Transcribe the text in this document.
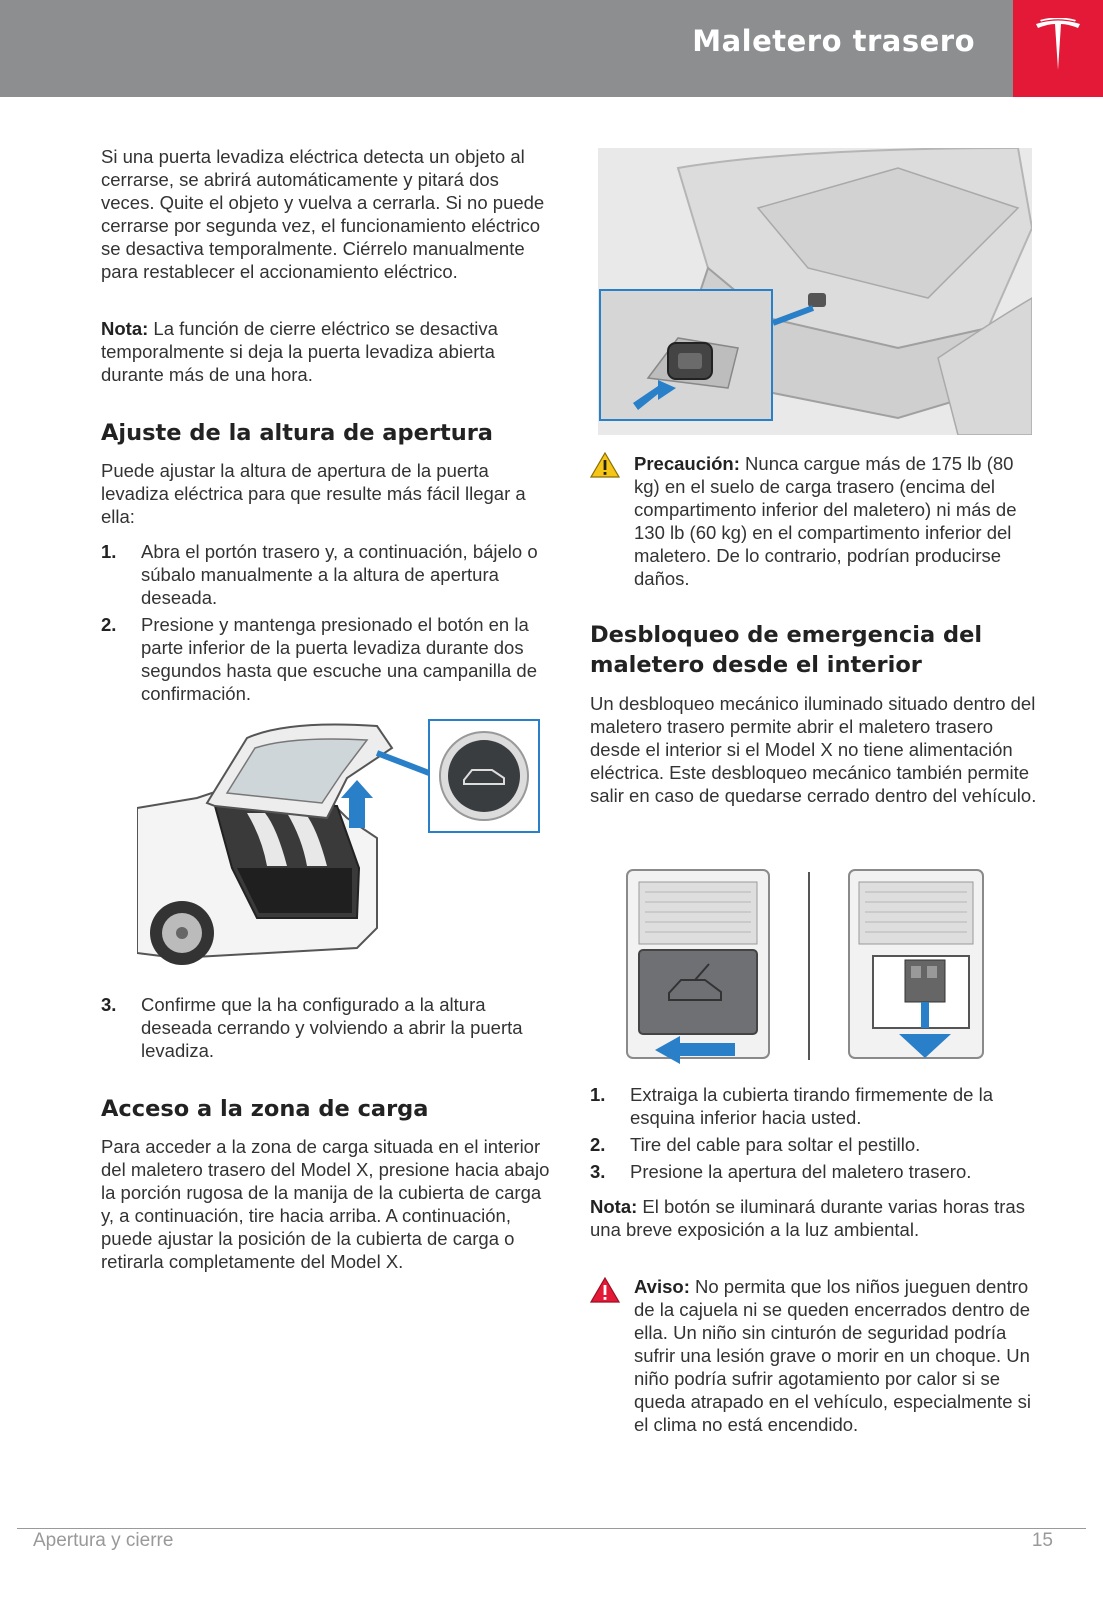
Maletero trasero

Si una puerta levadiza eléctrica detecta un objeto al cerrarse, se abrirá automáticamente y pitará dos veces. Quite el objeto y vuelva a cerrarla. Si no puede cerrarse por segunda vez, el funcionamiento eléctrico se desactiva temporalmente. Ciérrelo manualmente para restablecer el accionamiento eléctrico.

Nota: La función de cierre eléctrico se desactiva temporalmente si deja la puerta levadiza abierta durante más de una hora.

Ajuste de la altura de apertura

Puede ajustar la altura de apertura de la puerta levadiza eléctrica para que resulte más fácil llegar a ella:

1. Abra el portón trasero y, a continuación, bájelo o súbalo manualmente a la altura de apertura deseada.
2. Presione y mantenga presionado el botón en la parte inferior de la puerta levadiza durante dos segundos hasta que escuche una campanilla de confirmación.
3. Confirme que la ha configurado a la altura deseada cerrando y volviendo a abrir la puerta levadiza.
Acceso a la zona de carga

Para acceder a la zona de carga situada en el interior del maletero trasero del Model X, presione hacia abajo la porción rugosa de la manija de la cubierta de carga y, a continuación, tire hacia arriba. A continuación, puede ajustar la posición de la cubierta de carga o retirarla completamente del Model X.

Precaución: Nunca cargue más de 175 lb (80 kg) en el suelo de carga trasero (encima del compartimento inferior del maletero) ni más de 130 lb (60 kg) en el compartimento inferior del maletero. De lo contrario, podrían producirse daños.

Desbloqueo de emergencia del maletero desde el interior

Un desbloqueo mecánico iluminado situado dentro del maletero trasero permite abrir el maletero trasero desde el interior si el Model X no tiene alimentación eléctrica. Este desbloqueo mecánico también permite salir en caso de quedarse cerrado dentro del vehículo.

1. Extraiga la cubierta tirando firmemente de la esquina inferior hacia usted.
2. Tire del cable para soltar el pestillo.
3. Presione la apertura del maletero trasero.

Nota: El botón se iluminará durante varias horas tras una breve exposición a la luz ambiental.

Aviso: No permita que los niños jueguen dentro de la cajuela ni se queden encerrados dentro de ella. Un niño sin cinturón de seguridad podría sufrir una lesión grave o morir en un choque. Un niño podría sufrir agotamiento por calor si se queda atrapado en el vehículo, especialmente si el clima no está encendido.

Apertura y cierre	15
